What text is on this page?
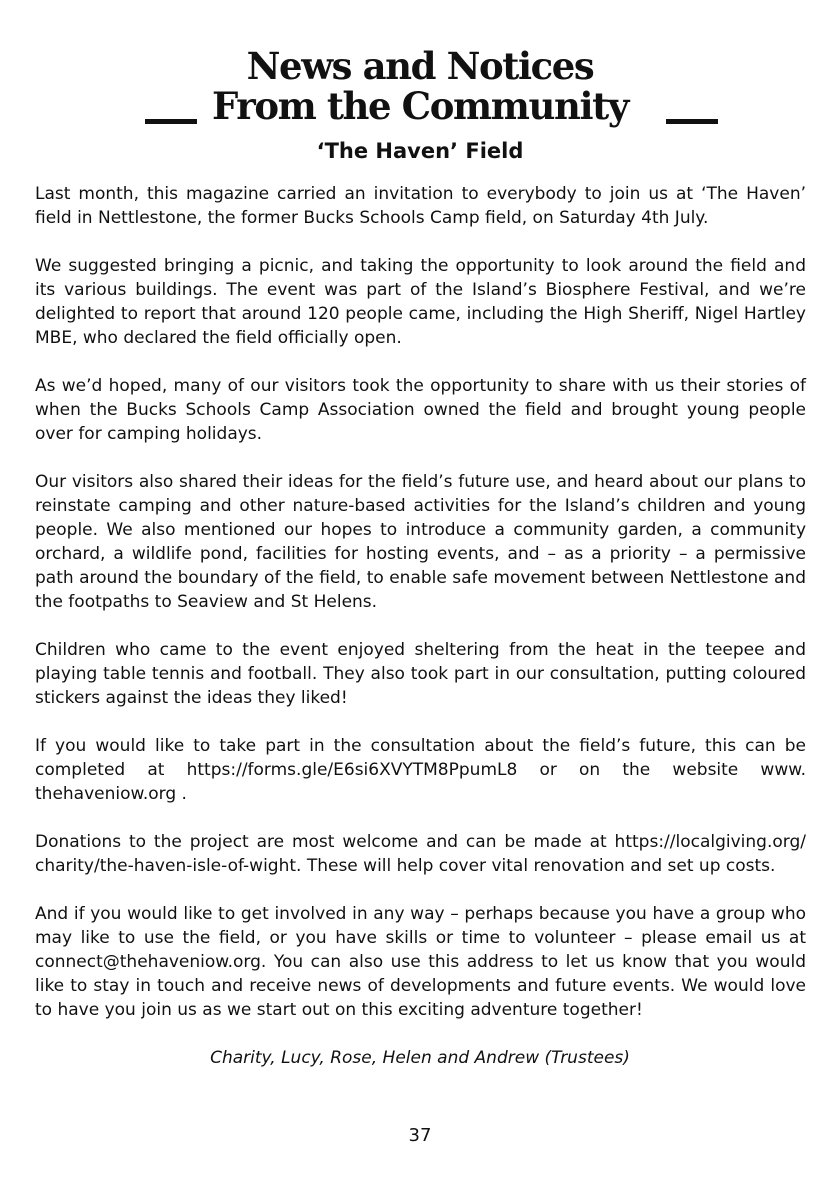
News and Notices
From the Community
‘The Haven’ Field

Last month, this magazine carried an invitation to everybody to join us at ‘The Haven’ field in Nettlestone, the former Bucks Schools Camp field, on Saturday 4th July.

We suggested bringing a picnic, and taking the opportunity to look around the field and its various buildings. The event was part of the Island’s Biosphere Festival, and we’re delighted to report that around 120 people came, including the High Sheriff, Nigel Hartley MBE, who declared the field officially open.

As we’d hoped, many of our visitors took the opportunity to share with us their stories of when the Bucks Schools Camp Association owned the field and brought young people over for camping holidays.

Our visitors also shared their ideas for the field’s future use, and heard about our plans to reinstate camping and other nature-based activities for the Island’s children and young people. We also mentioned our hopes to introduce a community garden, a community orchard, a wildlife pond, facilities for hosting events, and – as a priority – a permissive path around the boundary of the field, to enable safe movement between Nettlestone and the footpaths to Seaview and St Helens.

Children who came to the event enjoyed sheltering from the heat in the teepee and playing table tennis and football. They also took part in our consultation, putting coloured stickers against the ideas they liked!

If you would like to take part in the consultation about the field’s future, this can be completed at https://forms.gle/E6si6XVYTM8PpumL8 or on the website www. thehaveniow.org .

Donations to the project are most welcome and can be made at https://localgiving.org/ charity/the-haven-isle-of-wight. These will help cover vital renovation and set up costs.

And if you would like to get involved in any way – perhaps because you have a group who may like to use the field, or you have skills or time to volunteer – please email us at connect@thehaveniow.org. You can also use this address to let us know that you would like to stay in touch and receive news of developments and future events. We would love to have you join us as we start out on this exciting adventure together!

Charity, Lucy, Rose, Helen and Andrew (Trustees)

37
